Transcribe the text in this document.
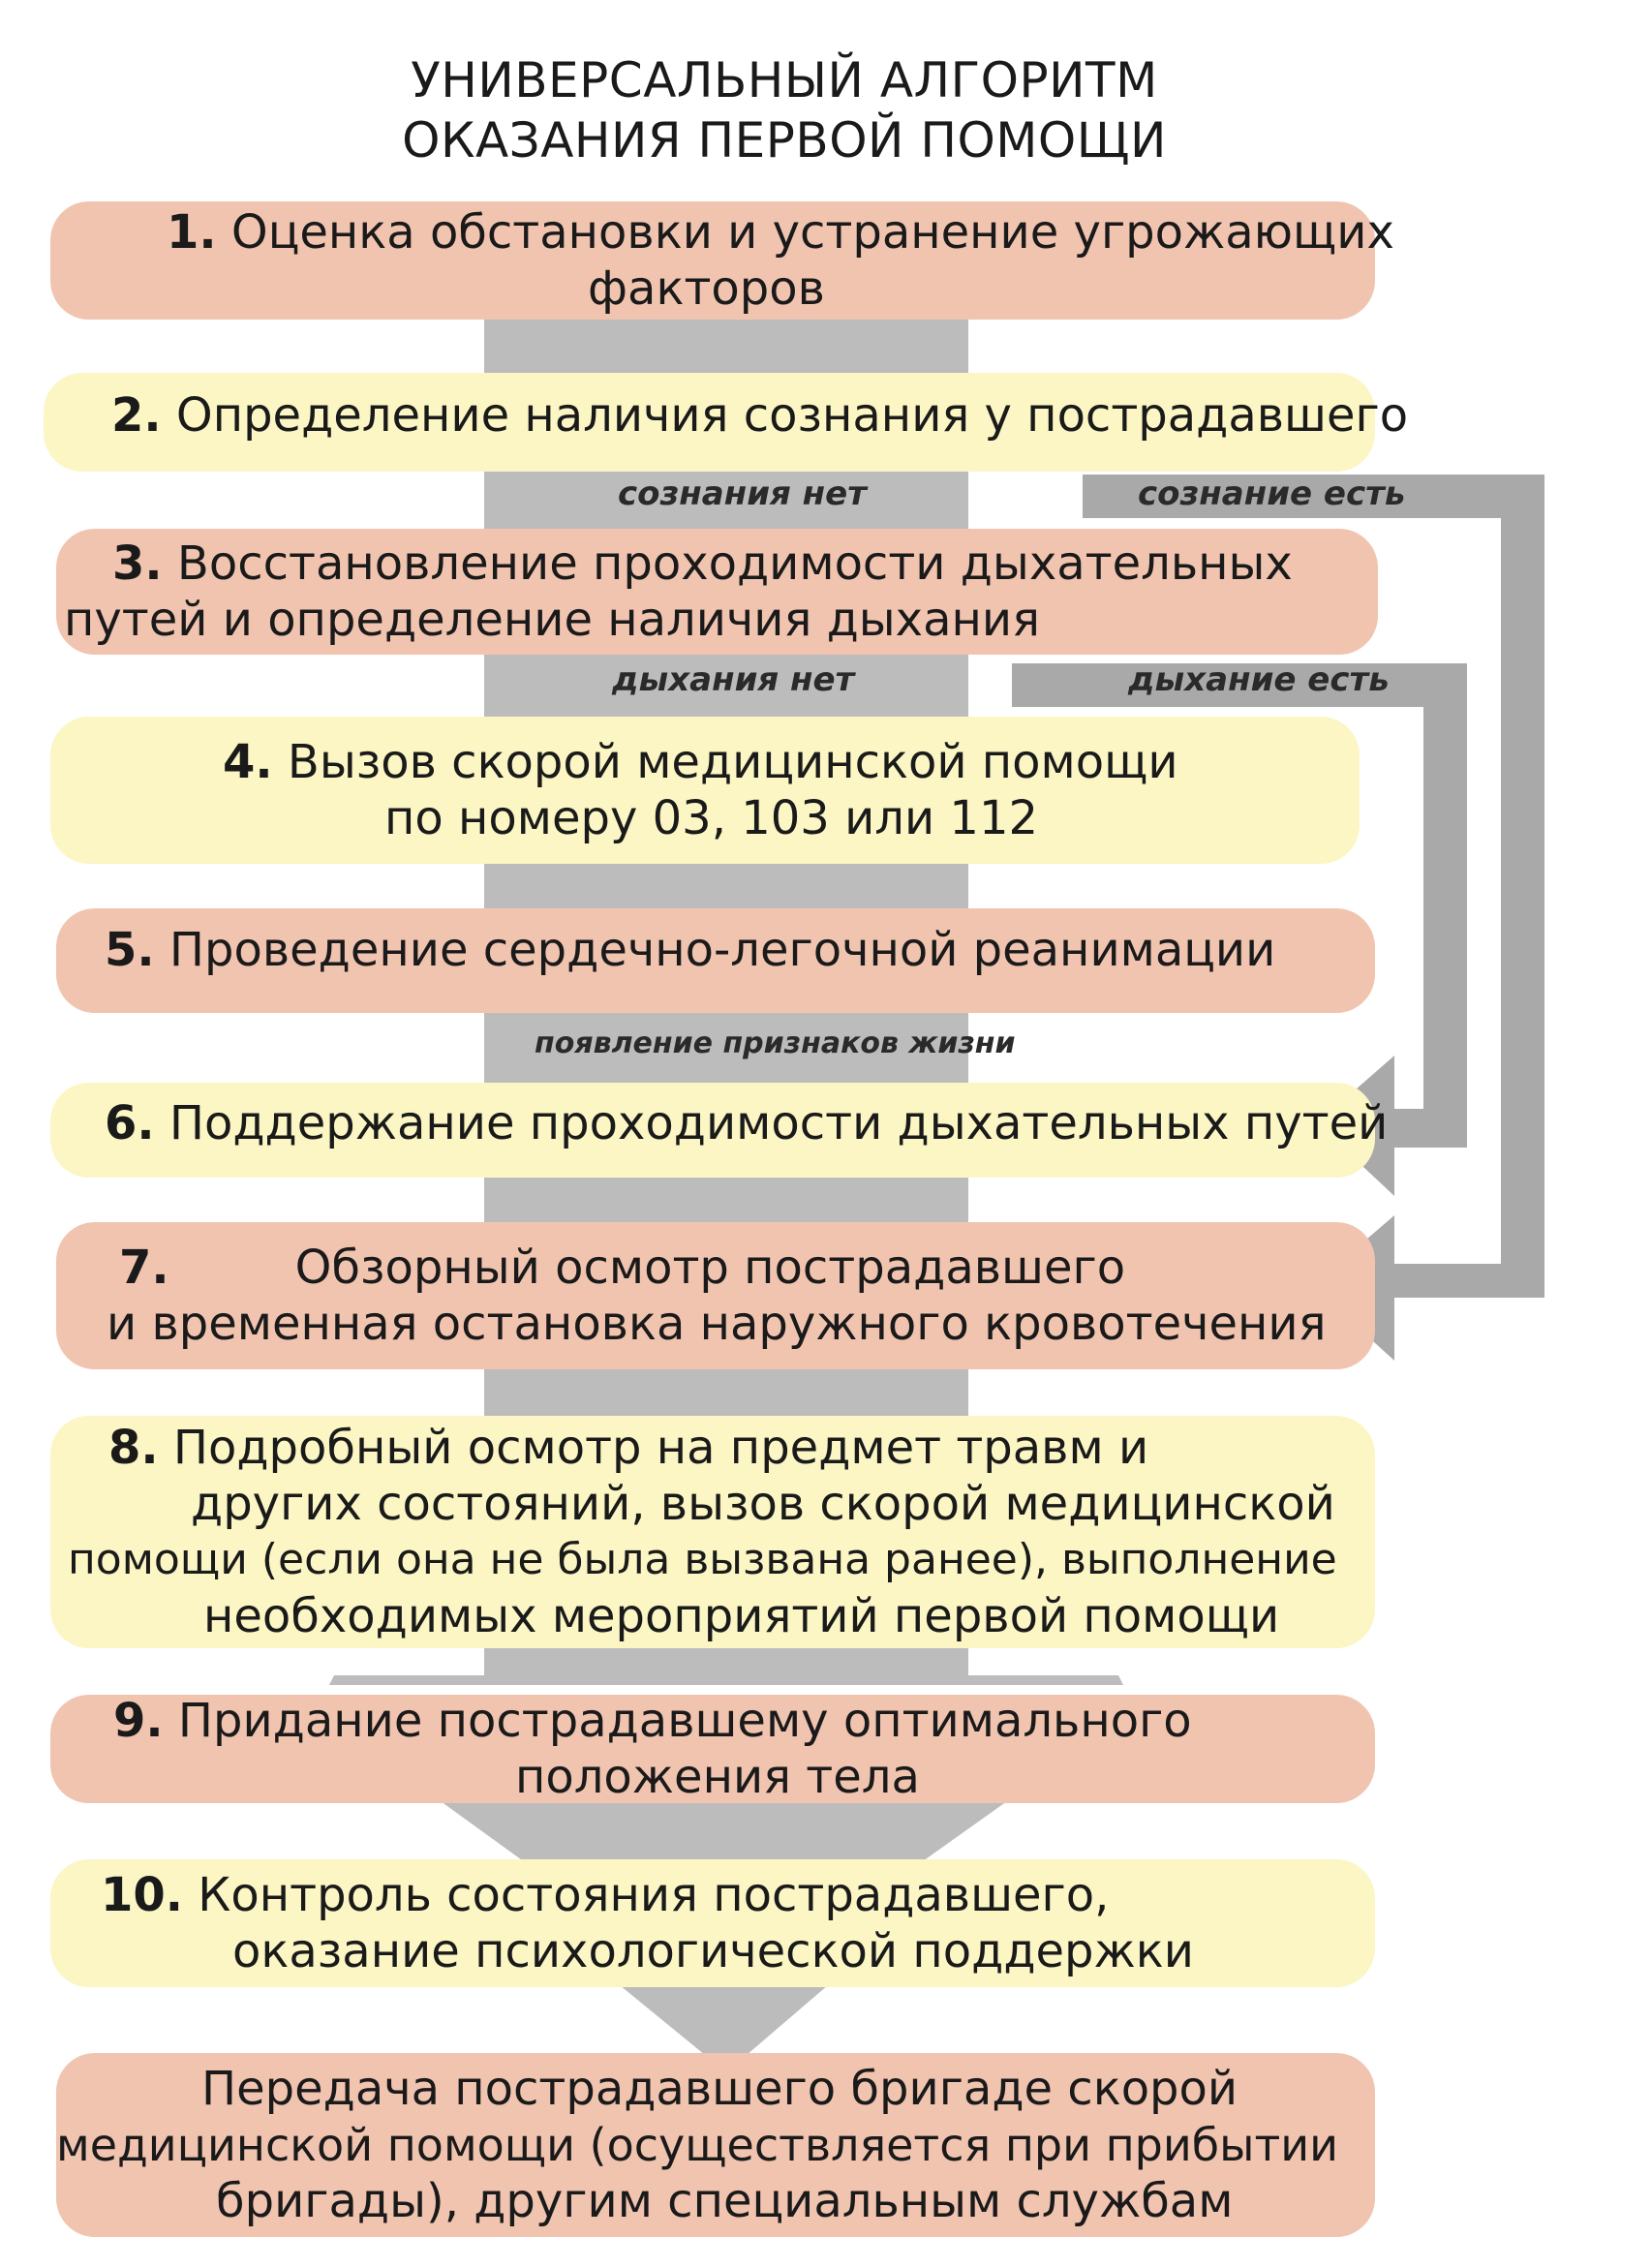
УНИВЕРСАЛЬНЫЙ АЛГОРИТМ
ОКАЗАНИЯ ПЕРВОЙ ПОМОЩИ
1. Оценка обстановки и устранение угрожающих
факторов
2. Определение наличия сознания у пострадавшего
сознания нет	сознание есть
3. Восстановление проходимости дыхательных
путей и определение наличия дыхания
дыхания нет	дыхание есть
4. Вызов скорой медицинской помощи
по номеру 03, 103 или 112
5. Проведение сердечно-легочной реанимации
появление признаков жизни
6. Поддержание проходимости дыхательных путей
7.	Обзорный осмотр пострадавшего
и временная остановка наружного кровотечения
8. Подробный осмотр на предмет травм и
других состояний, вызов скорой медицинской
помощи (если она не была вызвана ранее), выполнение
необходимых мероприятий первой помощи
9. Придание пострадавшему оптимального
положения тела
10. Контроль состояния пострадавшего,
оказание психологической поддержки
Передача пострадавшего бригаде скорой
медицинской помощи (осуществляется при прибытии
бригады), другим специальным службам
